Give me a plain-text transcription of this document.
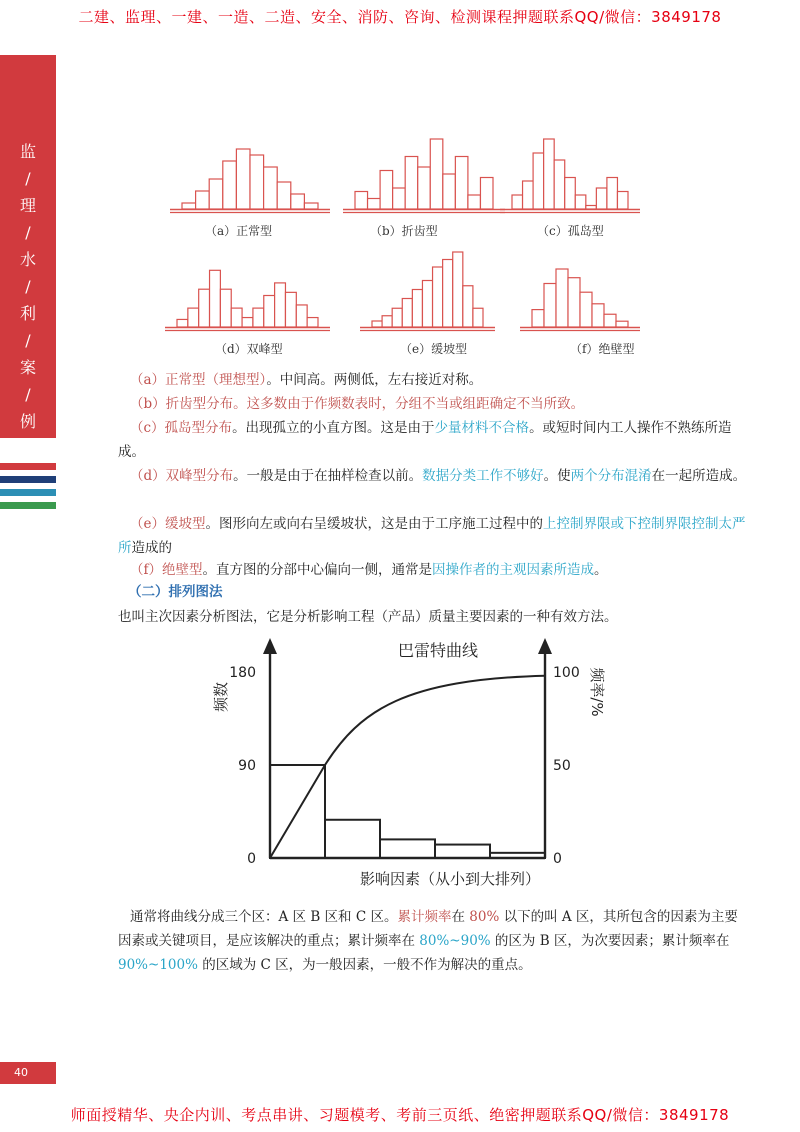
二建、监理、一建、一造、二造、安全、消防、咨询、检测课程押题联系QQ/微信：3849178
监
/
理
/
水
/
利
/
案
/
例
（a）正常型	（b）折齿型	（c）孤岛型
（d）双峰型	（e）缓坡型	（f）绝壁型
（a）正常型（理想型）。中间高。两侧低，左右接近对称。
（b）折齿型分布。这多数由于作频数表时，分组不当或组距确定不当所致。
（c）孤岛型分布。出现孤立的小直方图。这是由于少量材料不合格。或短时间内工人操作不熟练所造成。
（d）双峰型分布。一般是由于在抽样检查以前。数据分类工作不够好。使两个分布混淆在一起所造成。
（e）缓坡型。图形向左或向右呈缓坡状，这是由于工序施工过程中的上控制界限或下控制界限控制太严所造成的
（f）绝壁型。直方图的分部中心偏向一侧，通常是因操作者的主观因素所造成。
（二）排列图法
也叫主次因素分析图法，它是分析影响工程（产品）质量主要因素的一种有效方法。
0
90
180
0
50
100
巴雷特曲线
影响因素（从小到大排列）
频数	频率/%
通常将曲线分成三个区：A 区 B 区和 C 区。累计频率在 80% 以下的叫 A 区，其所包含的因素为主要因素或关键项目，是应该解决的重点；累计频率在 80%~90% 的区为 B 区，为次要因素；累计频率在 90%~100% 的区域为 C 区，为一般因素，一般不作为解决的重点。
40
师面授精华、央企内训、考点串讲、习题模考、考前三页纸、绝密押题联系QQ/微信：3849178
